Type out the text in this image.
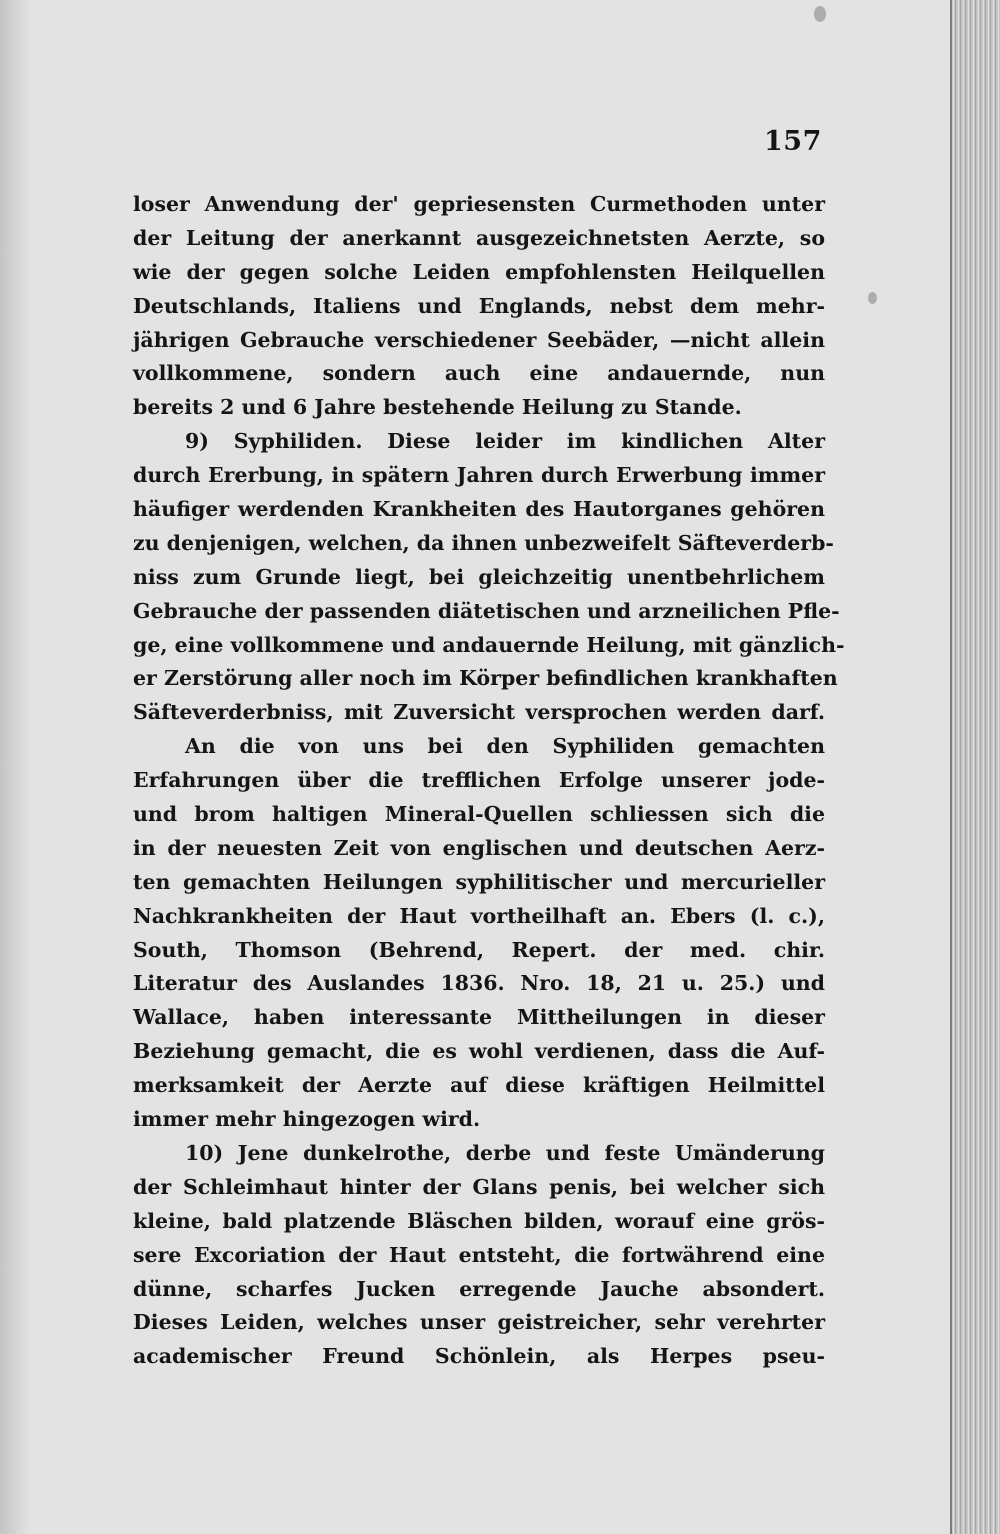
157
loser Anwendung der' gepriesensten Curmethoden unter
der Leitung der anerkannt ausgezeichnetsten Aerzte, so
wie der gegen solche Leiden empfohlensten Heilquellen
Deutschlands, Italiens und Englands, nebst dem mehr-
jährigen Gebrauche verschiedener Seebäder, —nicht allein
vollkommene, sondern auch eine andauernde, nun
bereits 2 und 6 Jahre bestehende Heilung zu Stande.
9) Syphiliden. Diese leider im kindlichen Alter
durch Ererbung, in spätern Jahren durch Erwerbung immer
häufiger werdenden Krankheiten des Hautorganes gehören
zu denjenigen, welchen, da ihnen unbezweifelt Säfteverderb-
niss zum Grunde liegt, bei gleichzeitig unentbehrlichem
Gebrauche der passenden diätetischen und arzneilichen Pfle-
ge, eine vollkommene und andauernde Heilung, mit gänzlich-
er Zerstörung aller noch im Körper befindlichen krankhaften
Säfteverderbniss, mit Zuversicht versprochen werden darf.
An die von uns bei den Syphiliden gemachten
Erfahrungen über die trefflichen Erfolge unserer jode-
und brom haltigen Mineral-Quellen schliessen sich die
in der neuesten Zeit von englischen und deutschen Aerz-
ten gemachten Heilungen syphilitischer und mercurieller
Nachkrankheiten der Haut vortheilhaft an. Ebers (l. c.),
South, Thomson (Behrend, Repert. der med. chir.
Literatur des Auslandes 1836. Nro. 18, 21 u. 25.) und
Wallace, haben interessante Mittheilungen in dieser
Beziehung gemacht, die es wohl verdienen, dass die Auf-
merksamkeit der Aerzte auf diese kräftigen Heilmittel
immer mehr hingezogen wird.
10) Jene dunkelrothe, derbe und feste Umänderung
der Schleimhaut hinter der Glans penis, bei welcher sich
kleine, bald platzende Bläschen bilden, worauf eine grös-
sere Excoriation der Haut entsteht, die fortwährend eine
dünne, scharfes Jucken erregende Jauche absondert.
Dieses Leiden, welches unser geistreicher, sehr verehrter
academischer Freund Schönlein, als Herpes pseu-
